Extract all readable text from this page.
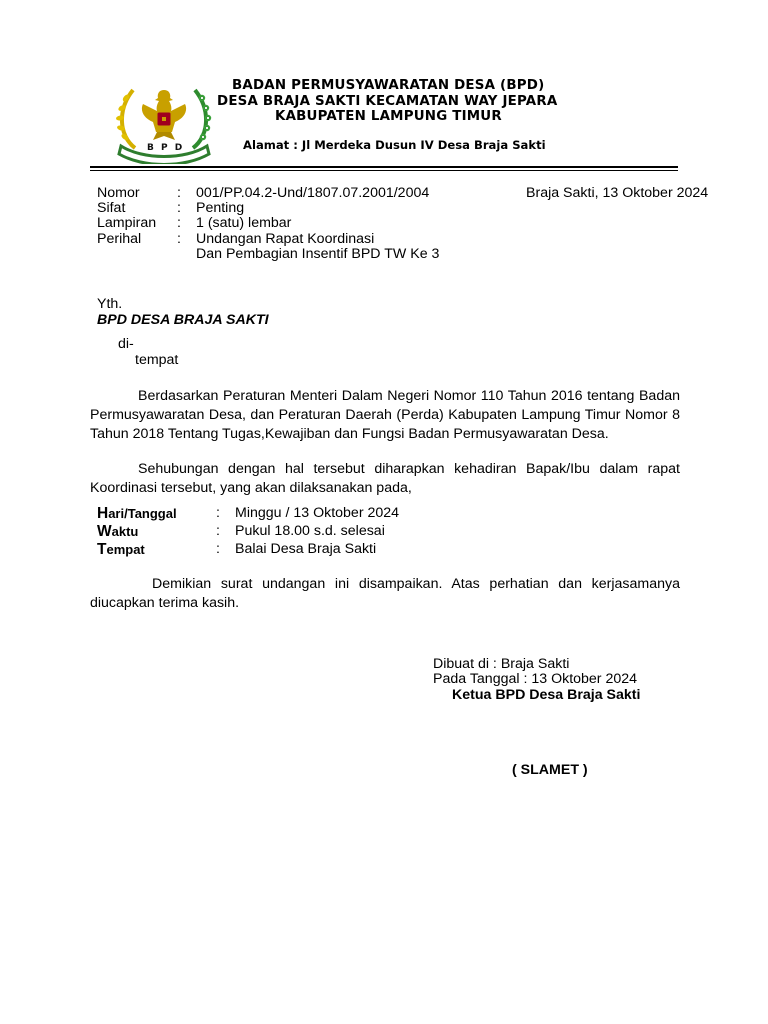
B P D
BADAN PERMUSYAWARATAN DESA (BPD)
DESA BRAJA SAKTI KECAMATAN WAY JEPARA
KABUPATEN LAMPUNG TIMUR
Alamat : Jl Merdeka Dusun IV Desa Braja Sakti
Braja Sakti, 13 Oktober 2024
Nomor	: 001/PP.04.2-Und/1807.07.2001/2004
Sifat	: Penting
Lampiran : 1 (satu) lembar
Perihal	: Undangan Rapat Koordinasi
Dan Pembagian Insentif BPD TW Ke 3
Yth.
BPD DESA BRAJA SAKTI
di-
tempat
Berdasarkan Peraturan Menteri Dalam Negeri Nomor 110 Tahun 2016 tentang Badan Permusyawaratan Desa, dan Peraturan Daerah (Perda) Kabupaten Lampung Timur Nomor 8 Tahun 2018 Tentang Tugas,Kewajiban dan Fungsi Badan Permusyawaratan Desa.
Sehubungan dengan hal tersebut diharapkan kehadiran Bapak/Ibu dalam rapat Koordinasi tersebut, yang akan dilaksanakan pada,
Hari/Tanggal	: Minggu / 13 Oktober 2024
Waktu	: Pukul 18.00 s.d. selesai
Tempat	: Balai Desa Braja Sakti
Demikian surat undangan ini disampaikan. Atas perhatian dan kerjasamanya diucapkan terima kasih.
Dibuat di : Braja Sakti
Pada Tanggal : 13 Oktober 2024
Ketua BPD Desa Braja Sakti
( SLAMET )
